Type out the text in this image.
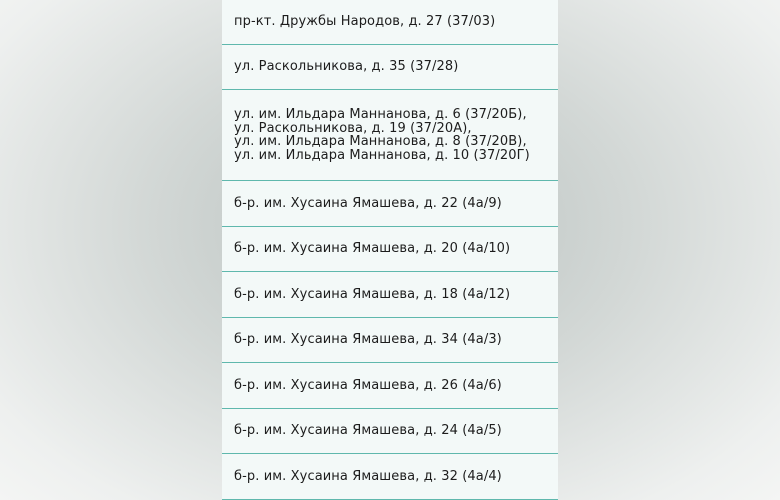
пр-кт. Дружбы Народов, д. 27 (37/03)
ул. Раскольникова, д. 35 (37/28)
ул. им. Ильдара Маннанова, д. 6 (37/20Б),
ул. Раскольникова, д. 19 (37/20А),
ул. им. Ильдара Маннанова, д. 8 (37/20В),
ул. им. Ильдара Маннанова, д. 10 (37/20Г)
б-р. им. Хусаина Ямашева, д. 22 (4а/9)
б-р. им. Хусаина Ямашева, д. 20 (4а/10)
б-р. им. Хусаина Ямашева, д. 18 (4а/12)
б-р. им. Хусаина Ямашева, д. 34 (4а/3)
б-р. им. Хусаина Ямашева, д. 26 (4а/6)
б-р. им. Хусаина Ямашева, д. 24 (4а/5)
б-р. им. Хусаина Ямашева, д. 32 (4а/4)
